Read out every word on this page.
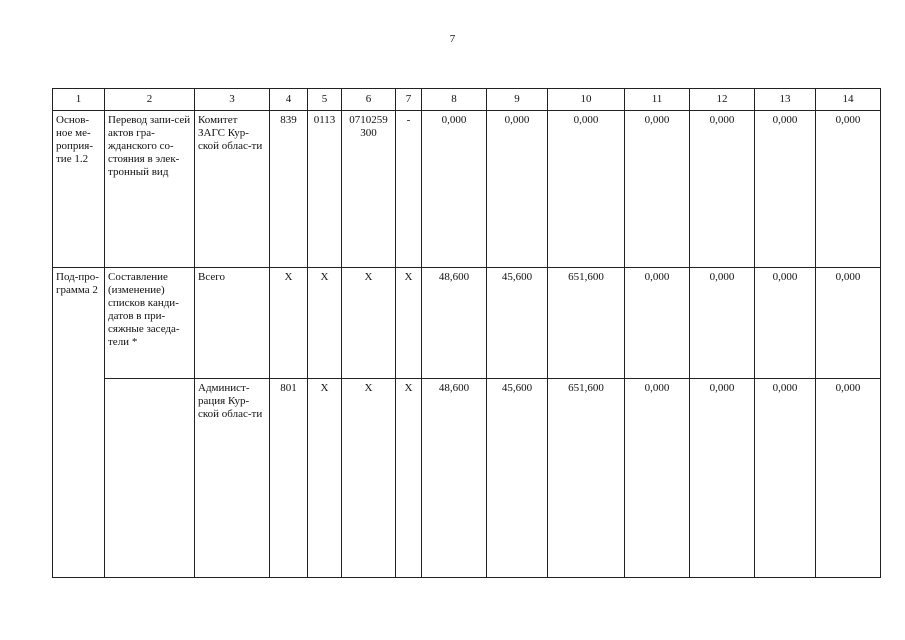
7
1	2	3	4	5	6	7	8	9	10	11	12	13	14
Основ-ное ме-роприя-тие 1.2	Перевод запи-сей актов гра-жданского со-стояния в элек-тронный вид	Комитет ЗАГС Кур-ской облас-ти	839	0113	0710259 300	-	0,000	0,000	0,000	0,000	0,000	0,000	0,000
Под-про-грамма 2	Составление (изменение) списков канди-датов в при-сяжные заседа-тели *	Всего	X	X	X	X	48,600	45,600	651,600	0,000	0,000	0,000	0,000
		Админист-рация Кур-ской облас-ти	801	X	X	X	48,600	45,600	651,600	0,000	0,000	0,000	0,000
